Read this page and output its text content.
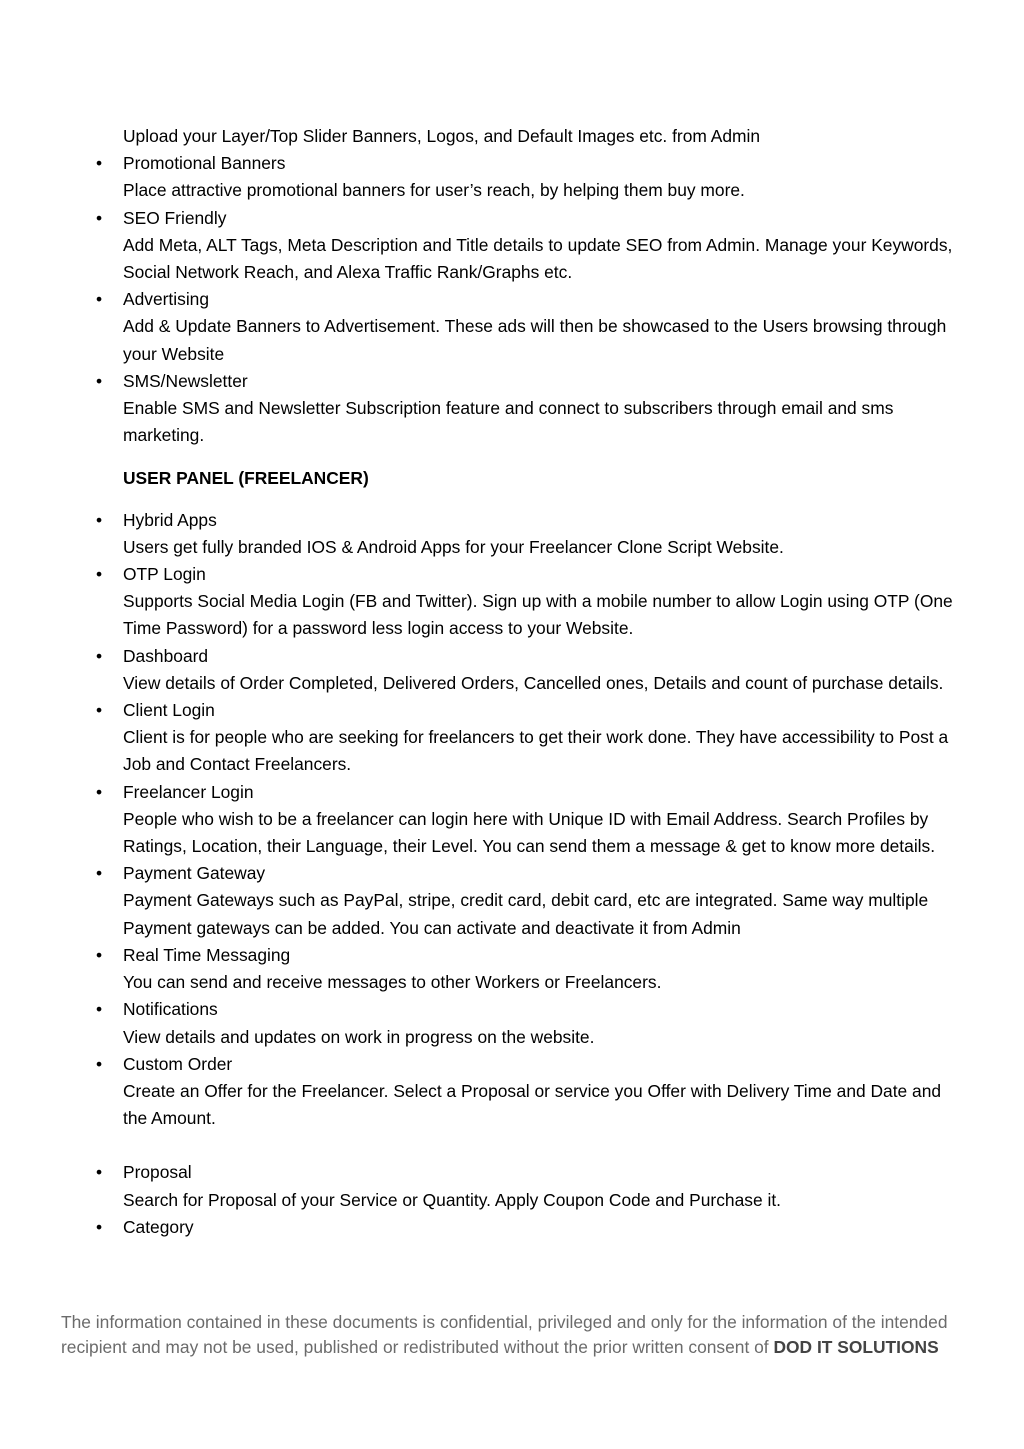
Upload your Layer/Top Slider Banners, Logos, and Default Images etc. from Admin
• Promotional Banners
Place attractive promotional banners for user’s reach, by helping them buy more.
• SEO Friendly
Add Meta, ALT Tags, Meta Description and Title details to update SEO from Admin. Manage your Keywords, Social Network Reach, and Alexa Traffic Rank/Graphs etc.
• Advertising
Add & Update Banners to Advertisement. These ads will then be showcased to the Users browsing through your Website
• SMS/Newsletter
Enable SMS and Newsletter Subscription feature and connect to subscribers through email and sms marketing.
USER PANEL (FREELANCER)
• Hybrid Apps
Users get fully branded IOS & Android Apps for your Freelancer Clone Script Website.
• OTP Login
Supports Social Media Login (FB and Twitter). Sign up with a mobile number to allow Login using OTP (One Time Password) for a password less login access to your Website.
• Dashboard
View details of Order Completed, Delivered Orders, Cancelled ones, Details and count of purchase details.
• Client Login
Client is for people who are seeking for freelancers to get their work done. They have accessibility to Post a Job and Contact Freelancers.
• Freelancer Login
People who wish to be a freelancer can login here with Unique ID with Email Address. Search Profiles by Ratings, Location, their Language, their Level. You can send them a message & get to know more details.
• Payment Gateway
Payment Gateways such as PayPal, stripe, credit card, debit card, etc are integrated. Same way multiple Payment gateways can be added. You can activate and deactivate it from Admin
• Real Time Messaging
You can send and receive messages to other Workers or Freelancers.
• Notifications
View details and updates on work in progress on the website.
• Custom Order
Create an Offer for the Freelancer. Select a Proposal or service you Offer with Delivery Time and Date and the Amount.
• Proposal
Search for Proposal of your Service or Quantity. Apply Coupon Code and Purchase it.
• Category
The information contained in these documents is confidential, privileged and only for the information of the intended recipient and may not be used, published or redistributed without the prior written consent of DOD IT SOLUTIONS
